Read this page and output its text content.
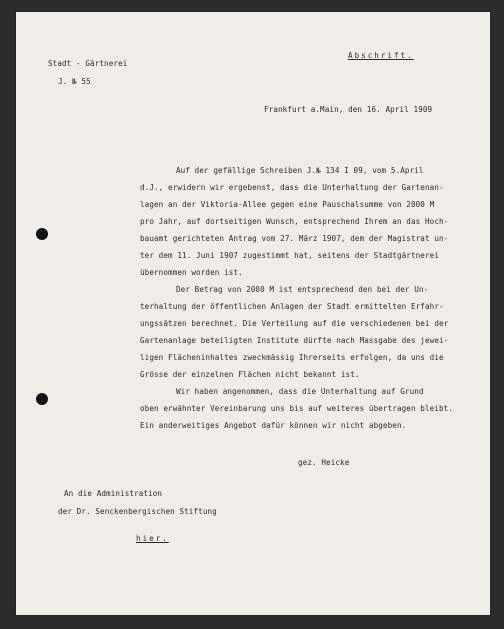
Abschrift.
Stadt - Gärtnerei
J. № 55
Frankfurt a.Main, den 16. April 1909
Auf der gefällige Schreiben J.№ 134 I 09, vom 5.April
d.J., erwidern wir ergebenst, dass die Unterhaltung der Gartenan-
lagen an der Viktoria-Allee gegen eine Pauschalsumme von 2000 M
pro Jahr, auf dortseitigen Wunsch, entsprechend Ihrem an das Hoch-
bauamt gerichteten Antrag vom 27. März 1907, dem der Magistrat un-
ter dem 11. Juni 1907 zugestimmt hat, seitens der Stadtgärtnerei
übernommen worden ist.
Der Betrag von 2000 M ist entsprechend den bei der Un-
terhaltung der öffentlichen Anlagen der Stadt ermittelten Erfahr-
ungssätzen berechnet. Die Verteilung auf die verschiedenen bei der
Gartenanlage beteiligten Institute dürfte nach Massgabe des jewei-
ligen Flächeninhaltes zweckmässig Ihrerseits erfolgen, da uns die
Grösse der einzelnen Flächen nicht bekannt ist.
Wir haben angenommen, dass die Unterhaltung auf Grund
oben erwähnter Vereinbarung uns bis auf weiteres übertragen bleibt.
Ein anderweitiges Angebot dafür können wir nicht abgeben.
gez. Heicke
An die Administration
der Dr. Senckenbergischen Stiftung
hier.
